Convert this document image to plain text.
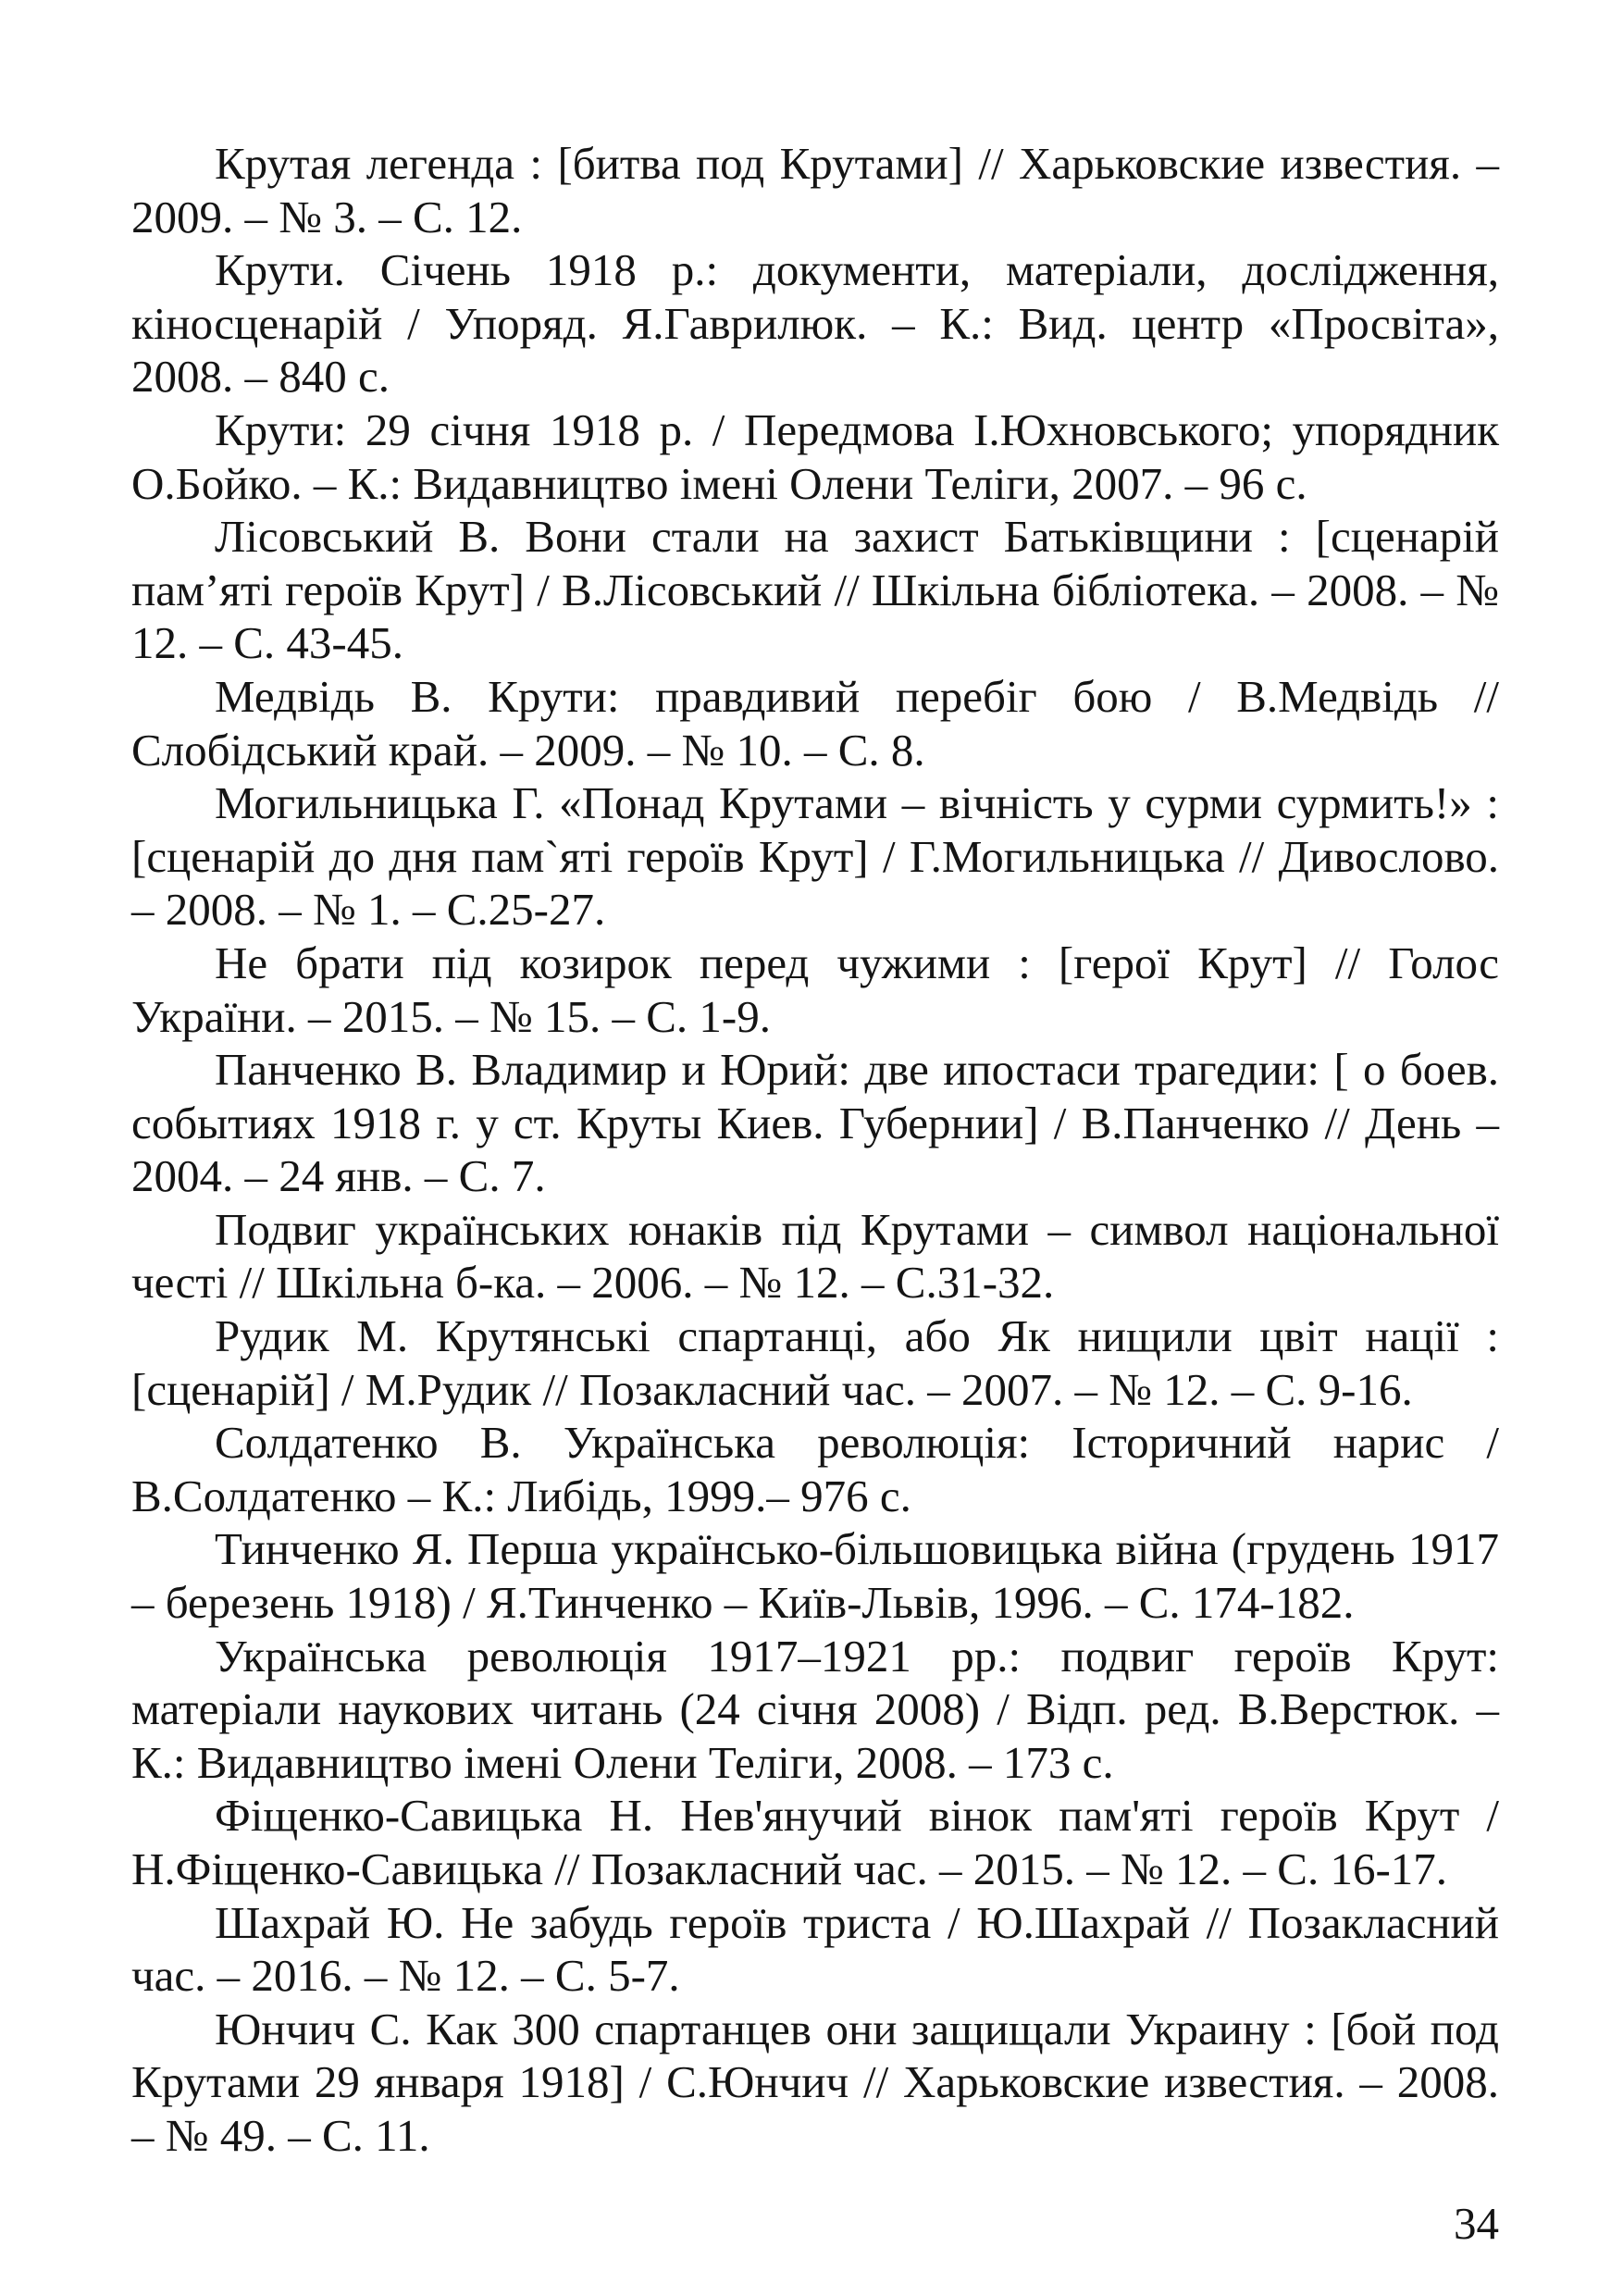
Крутая легенда : [битва под Крутами] // Харьковские известия. – 2009. – № 3. – С. 12.
Крути. Січень 1918 р.: документи, матеріали, дослідження, кіносценарій / Упоряд. Я.Гаврилюк. – К.: Вид. центр «Просвіта», 2008. – 840 с.
Крути: 29 січня 1918 р. / Передмова І.Юхновського; упорядник О.Бойко. – К.: Видавництво імені Олени Теліги, 2007. – 96 с.
Лісовський В. Вони стали на захист Батьківщини : [сценарій пам’яті героїв Крут] / В.Лісовський // Шкільна бібліотека. – 2008. – № 12. – С. 43-45.
Медвідь В. Крути: правдивий перебіг бою / В.Медвідь // Слобідський край. – 2009. – № 10. – С. 8.
Могильницька Г. «Понад Крутами – вічність у сурми сурмить!» : [сценарій до дня пам`яті героїв Крут] / Г.Могильницька // Дивослово. – 2008. – № 1. – С.25-27.
Не брати під козирок перед чужими : [герої Крут] // Голос України. – 2015. – № 15. – С. 1-9.
Панченко В. Владимир и Юрий: две ипостаси трагедии: [ о боев. событиях 1918 г. у ст. Круты Киев. Губернии] / В.Панченко // День – 2004. – 24 янв. – С. 7.
Подвиг українських юнаків під Крутами – символ національної честі // Шкільна б-ка. – 2006. – № 12. – С.31-32.
Рудик М. Крутянські спартанці, або Як нищили цвіт нації : [сценарій] / М.Рудик // Позакласний час. – 2007. – № 12. – С. 9-16.
Солдатенко В. Українська революція: Історичний нарис / В.Солдатенко – К.: Либідь, 1999.– 976 с.
Тинченко Я. Перша українсько-більшовицька війна (грудень 1917 – березень 1918) / Я.Тинченко – Київ-Львів, 1996. – С. 174-182.
Українська революція 1917–1921 рр.: подвиг героїв Крут: матеріали наукових читань (24 січня 2008) / Відп. ред. В.Верстюк. – К.: Видавництво імені Олени Теліги, 2008. – 173 с.
Фіщенко-Савицька Н. Нев'янучий вінок пам'яті героїв Крут / Н.Фіщенко-Савицька // Позакласний час. – 2015. – № 12. – С. 16-17.
Шахрай Ю. Не забудь героїв триста / Ю.Шахрай // Позакласний час. – 2016. – № 12. – С. 5-7.
Юнчич С. Как 300 спартанцев они защищали Украину : [бой под Крутами 29 января 1918] / С.Юнчич // Харьковские известия. – 2008. – № 49. – С. 11.
34
